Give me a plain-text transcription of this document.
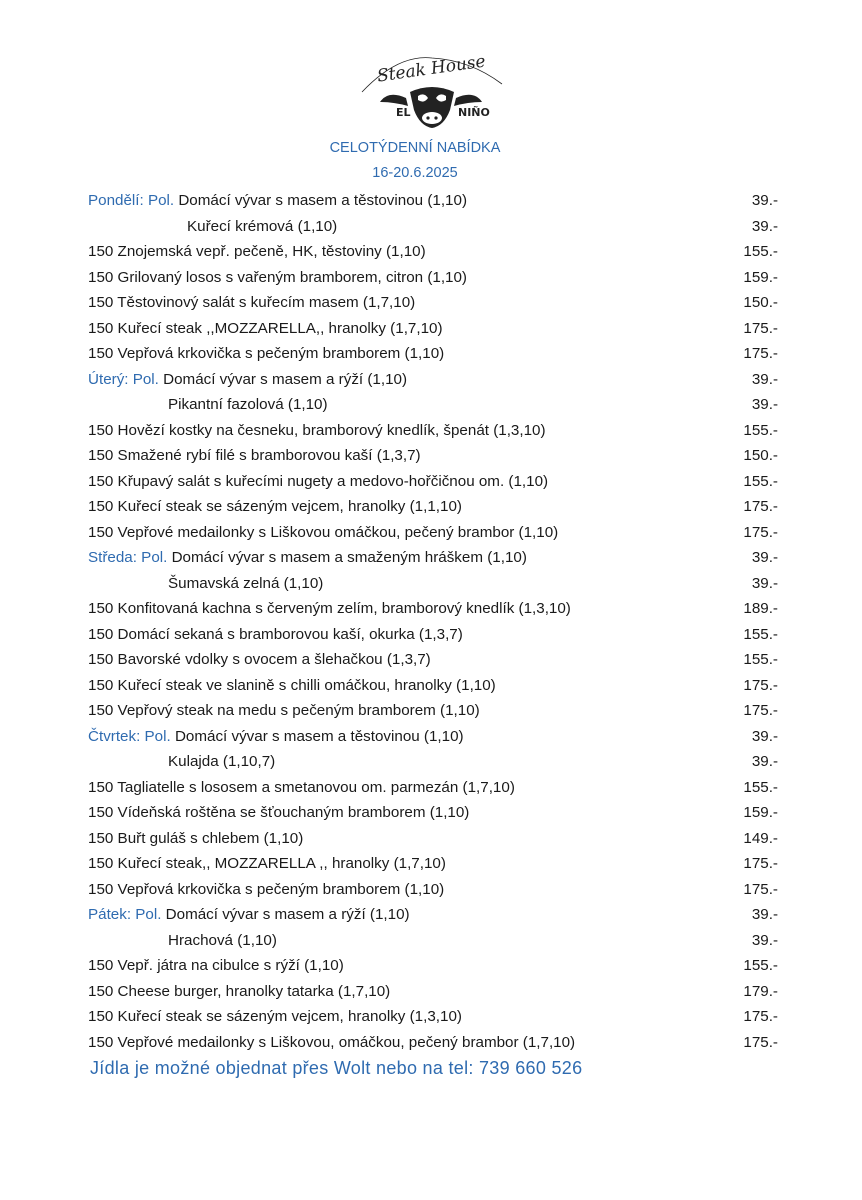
Steak House
EL	NIÑO
CELOTÝDENNÍ NABÍDKA
16-20.6.2025
Pondělí: Pol. Domácí vývar s masem a těstovinou (1,10)	39.-
Kuřecí krémová (1,10)	39.-
150 Znojemská vepř. pečeně, HK, těstoviny (1,10)	155.-
150 Grilovaný losos s vařeným bramborem, citron (1,10)	159.-
150 Těstovinový salát s kuřecím masem (1,7,10)	150.-
150 Kuřecí steak ,,MOZZARELLA,, hranolky (1,7,10)	175.-
150 Vepřová krkovička s pečeným bramborem (1,10)	175.-
Úterý: Pol. Domácí vývar s masem a rýží (1,10)	39.-
Pikantní fazolová (1,10)	39.-
150 Hovězí kostky na česneku, bramborový knedlík, špenát (1,3,10)	155.-
150 Smažené rybí filé s bramborovou kaší (1,3,7)	150.-
150 Křupavý salát s kuřecími nugety a medovo-hořčičnou om. (1,10)	155.-
150 Kuřecí steak se sázeným vejcem, hranolky (1,1,10)	175.-
150 Vepřové medailonky s Liškovou omáčkou, pečený brambor (1,10)	175.-
Středa: Pol. Domácí vývar s masem a smaženým hráškem (1,10)	39.-
Šumavská zelná (1,10)	39.-
150 Konfitovaná kachna s červeným zelím, bramborový knedlík (1,3,10)	189.-
150 Domácí sekaná s bramborovou kaší, okurka (1,3,7)	155.-
150 Bavorské vdolky s ovocem a šlehačkou (1,3,7)	155.-
150 Kuřecí steak ve slanině s chilli omáčkou, hranolky (1,10)	175.-
150 Vepřový steak na medu s pečeným bramborem (1,10)	175.-
Čtvrtek: Pol. Domácí vývar s masem a těstovinou (1,10)	39.-
Kulajda (1,10,7)	39.-
150 Tagliatelle s lososem a smetanovou om. parmezán (1,7,10)	155.-
150 Vídeňská roštěna se šťouchaným bramborem (1,10)	159.-
150 Buřt guláš s chlebem (1,10)	149.-
150 Kuřecí steak,, MOZZARELLA ,, hranolky (1,7,10)	175.-
150 Vepřová krkovička s pečeným bramborem (1,10)	175.-
Pátek: Pol. Domácí vývar s masem a rýží (1,10)	39.-
Hrachová (1,10)	39.-
150 Vepř. játra na cibulce s rýží (1,10)	155.-
150 Cheese burger, hranolky tatarka (1,7,10)	179.-
150 Kuřecí steak se sázeným vejcem, hranolky (1,3,10)	175.-
150 Vepřové medailonky s Liškovou, omáčkou, pečený brambor (1,7,10)	175.-
Jídla je možné objednat přes Wolt nebo na tel: 739 660 526
